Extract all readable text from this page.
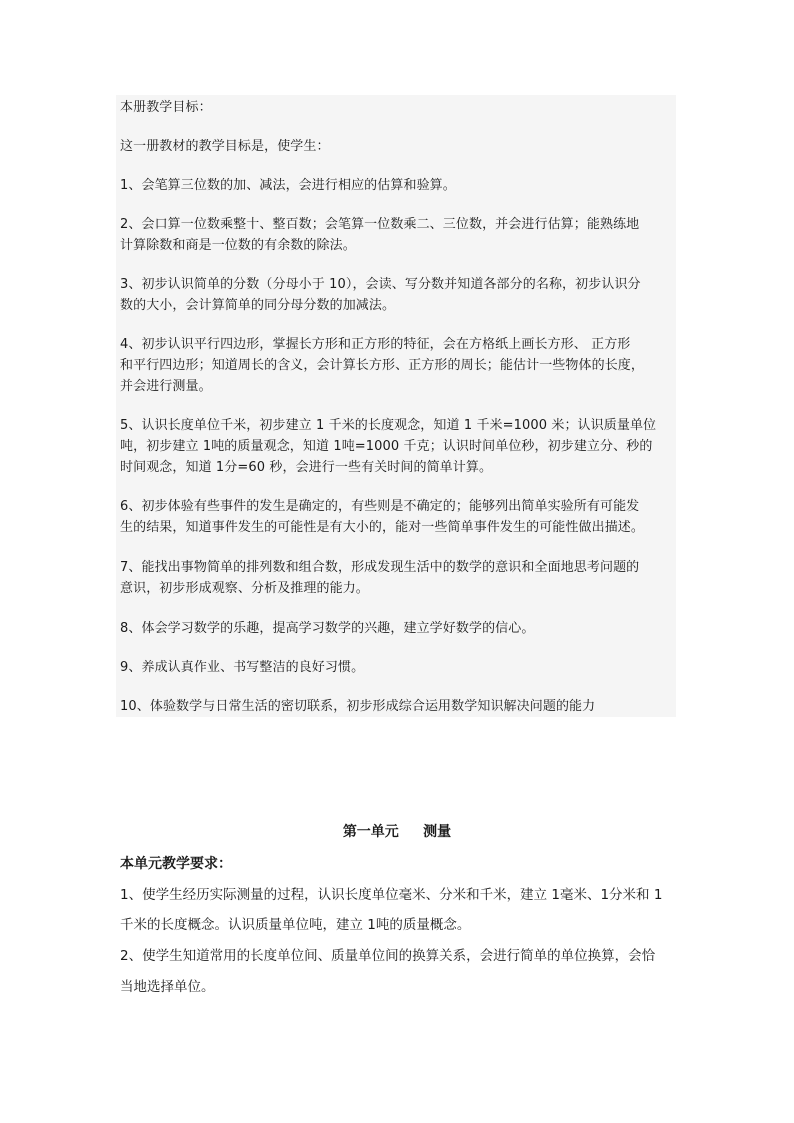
本册教学目标：
这一册教材的教学目标是，使学生：
1、会笔算三位数的加、减法，会进行相应的估算和验算。
2、会口算一位数乘整十、整百数；会笔算一位数乘二、三位数，并会进行估算；能熟练地
计算除数和商是一位数的有余数的除法。
3、初步认识简单的分数（分母小于 10），会读、写分数并知道各部分的名称，初步认识分
数的大小，会计算简单的同分母分数的加减法。
4、初步认识平行四边形，掌握长方形和正方形的特征，会在方格纸上画长方形、 正方形
和平行四边形；知道周长的含义，会计算长方形、正方形的周长；能估计一些物体的长度，
并会进行测量。
5、认识长度单位千米，初步建立 1 千米的长度观念，知道 1 千米=1000 米；认识质量单位
吨，初步建立 1吨的质量观念，知道 1吨=1000 千克；认识时间单位秒，初步建立分、秒的
时间观念，知道 1分=60 秒，会进行一些有关时间的简单计算。
6、初步体验有些事件的发生是确定的，有些则是不确定的；能够列出简单实验所有可能发
生的结果，知道事件发生的可能性是有大小的，能对一些简单事件发生的可能性做出描述。
7、能找出事物简单的排列数和组合数，形成发现生活中的数学的意识和全面地思考问题的
意识，初步形成观察、分析及推理的能力。
8、体会学习数学的乐趣，提高学习数学的兴趣，建立学好数学的信心。
9、养成认真作业、书写整洁的良好习惯。
10、体验数学与日常生活的密切联系，初步形成综合运用数学知识解决问题的能力
第一单元     测量
本单元教学要求：
1、使学生经历实际测量的过程，认识长度单位毫米、分米和千米，建立 1毫米、1分米和 1
千米的长度概念。认识质量单位吨，建立 1吨的质量概念。
2、使学生知道常用的长度单位间、质量单位间的换算关系，会进行简单的单位换算，会恰
当地选择单位。
